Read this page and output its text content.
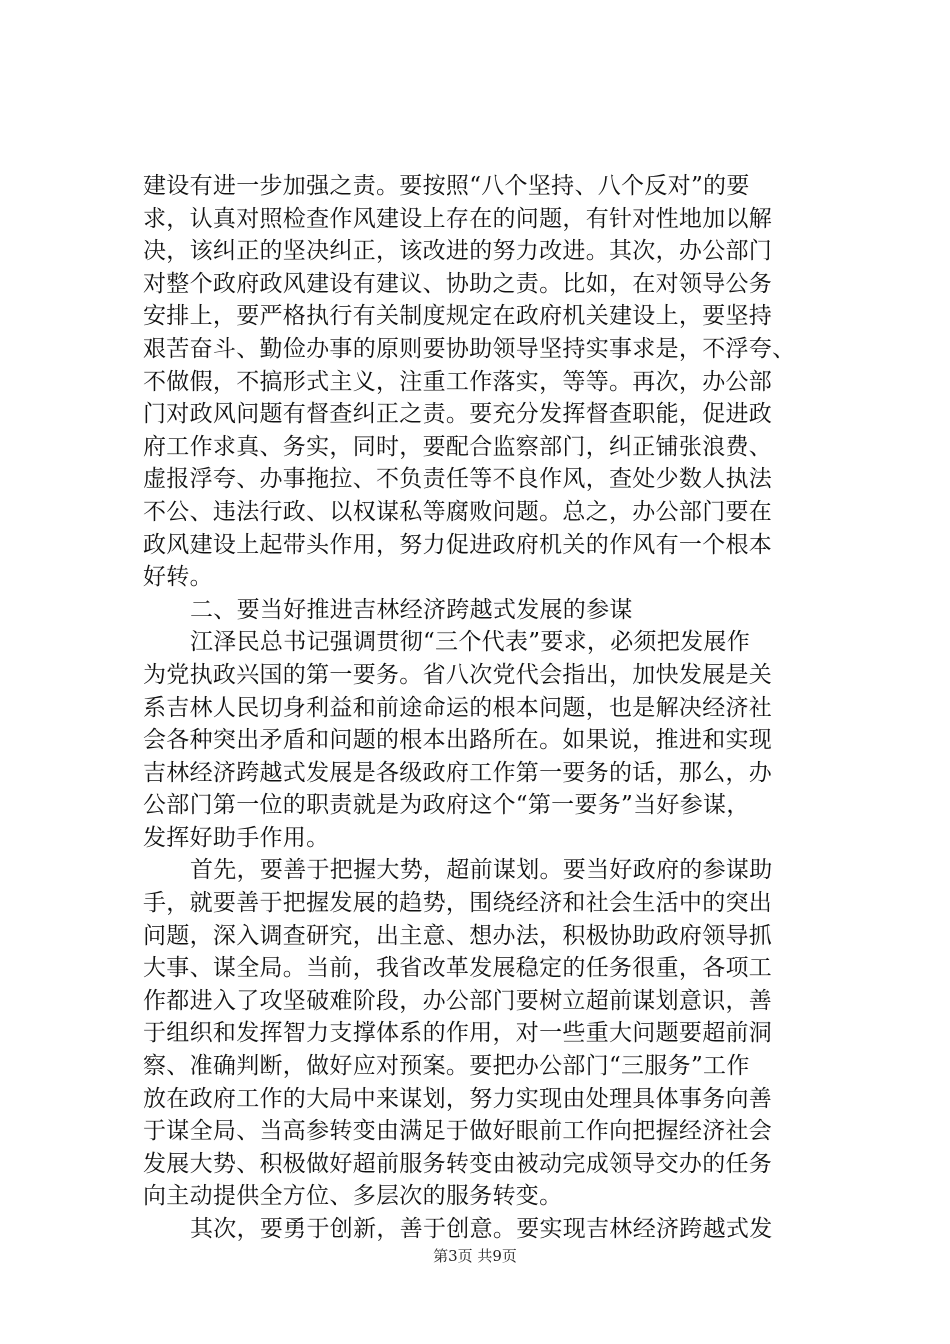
建设有进一步加强之责。要按照“八个坚持、八个反对”的要
求，认真对照检查作风建设上存在的问题，有针对性地加以解
决，该纠正的坚决纠正，该改进的努力改进。其次，办公部门
对整个政府政风建设有建议、协助之责。比如，在对领导公务
安排上，要严格执行有关制度规定在政府机关建设上，要坚持
艰苦奋斗、勤俭办事的原则要协助领导坚持实事求是，不浮夸、
不做假，不搞形式主义，注重工作落实，等等。再次，办公部
门对政风问题有督查纠正之责。要充分发挥督查职能，促进政
府工作求真、务实，同时，要配合监察部门，纠正铺张浪费、
虚报浮夸、办事拖拉、不负责任等不良作风，查处少数人执法
不公、违法行政、以权谋私等腐败问题。总之，办公部门要在
政风建设上起带头作用，努力促进政府机关的作风有一个根本
好转。
二、要当好推进吉林经济跨越式发展的参谋
江泽民总书记强调贯彻“三个代表”要求，必须把发展作
为党执政兴国的第一要务。省八次党代会指出，加快发展是关
系吉林人民切身利益和前途命运的根本问题，也是解决经济社
会各种突出矛盾和问题的根本出路所在。如果说，推进和实现
吉林经济跨越式发展是各级政府工作第一要务的话，那么，办
公部门第一位的职责就是为政府这个“第一要务”当好参谋，
发挥好助手作用。
首先，要善于把握大势，超前谋划。要当好政府的参谋助
手，就要善于把握发展的趋势，围绕经济和社会生活中的突出
问题，深入调查研究，出主意、想办法，积极协助政府领导抓
大事、谋全局。当前，我省改革发展稳定的任务很重，各项工
作都进入了攻坚破难阶段，办公部门要树立超前谋划意识，善
于组织和发挥智力支撑体系的作用，对一些重大问题要超前洞
察、准确判断，做好应对预案。要把办公部门“三服务”工作
放在政府工作的大局中来谋划，努力实现由处理具体事务向善
于谋全局、当高参转变由满足于做好眼前工作向把握经济社会
发展大势、积极做好超前服务转变由被动完成领导交办的任务
向主动提供全方位、多层次的服务转变。
其次，要勇于创新，善于创意。要实现吉林经济跨越式发
第3页 共9页
